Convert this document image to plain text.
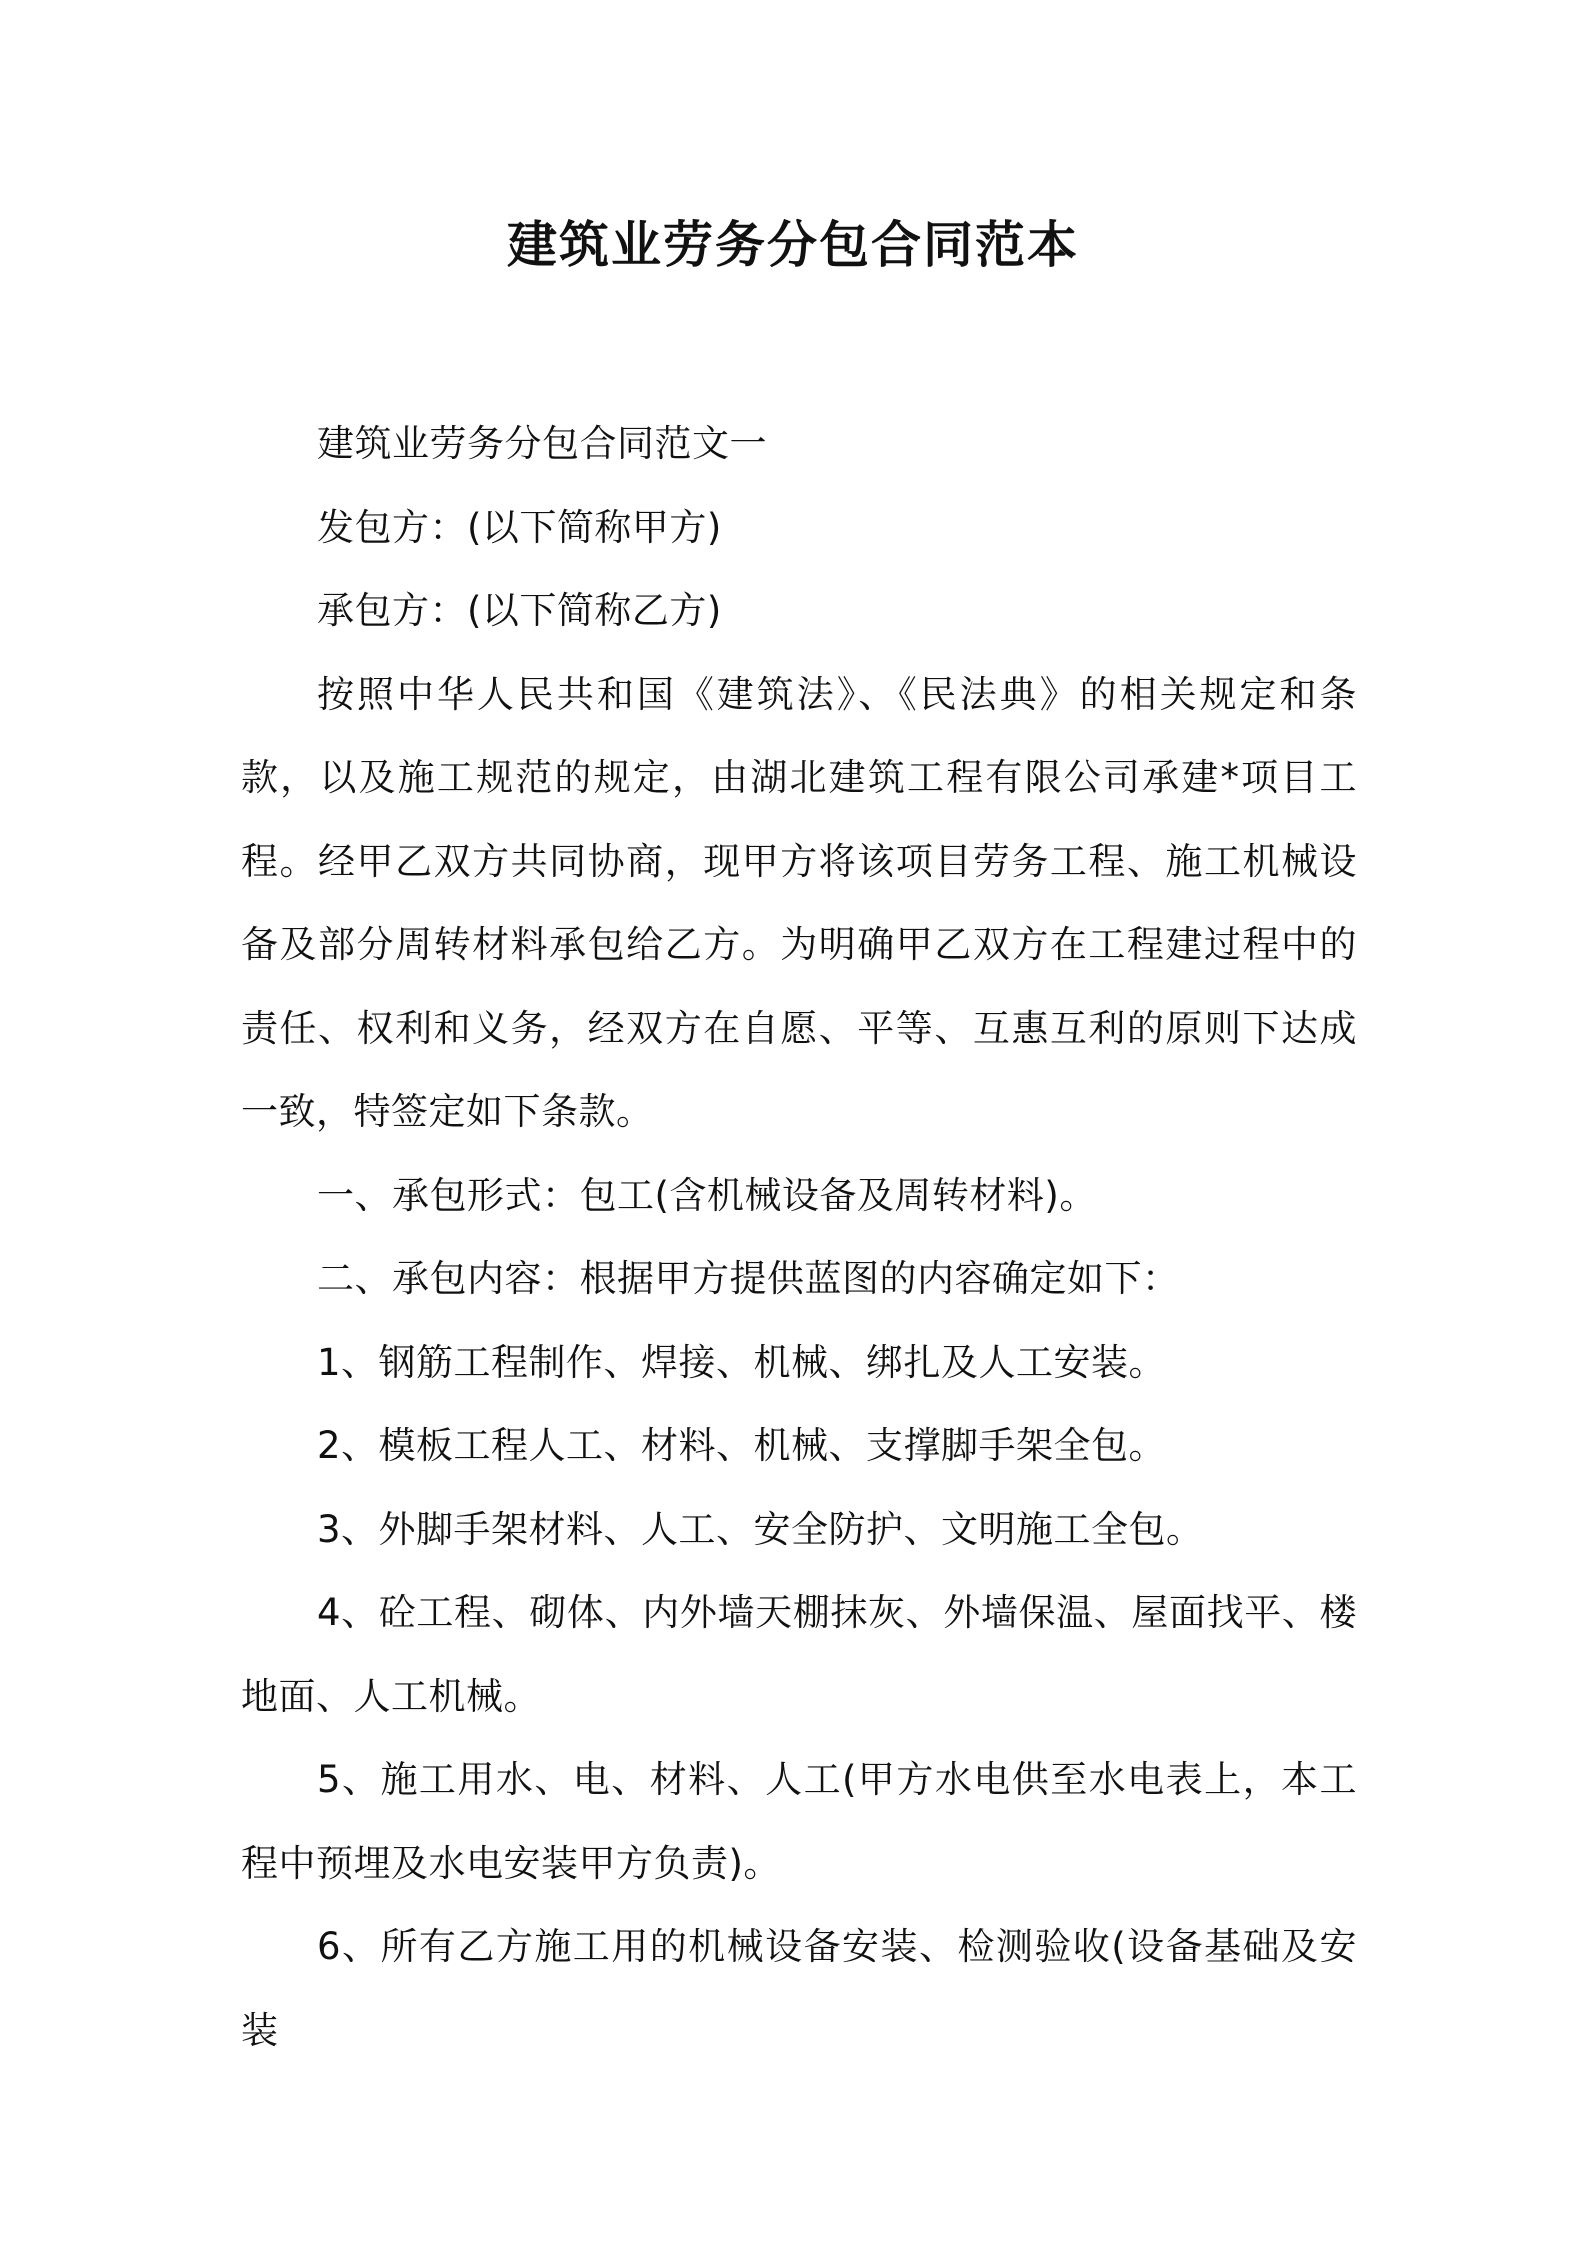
建筑业劳务分包合同范本

建筑业劳务分包合同范文一

发包方：(以下简称甲方)

承包方：(以下简称乙方)

按照中华人民共和国《建筑法》、《民法典》的相关规定和条款，以及施工规范的规定，由湖北建筑工程有限公司承建*项目工程。经甲乙双方共同协商，现甲方将该项目劳务工程、施工机械设备及部分周转材料承包给乙方。为明确甲乙双方在工程建过程中的责任、权利和义务，经双方在自愿、平等、互惠互利的原则下达成一致，特签定如下条款。

一、承包形式：包工(含机械设备及周转材料)。

二、承包内容：根据甲方提供蓝图的内容确定如下：

1、钢筋工程制作、焊接、机械、绑扎及人工安装。

2、模板工程人工、材料、机械、支撑脚手架全包。

3、外脚手架材料、人工、安全防护、文明施工全包。

4、砼工程、砌体、内外墙天棚抹灰、外墙保温、屋面找平、楼地面、人工机械。

5、施工用水、电、材料、人工(甲方水电供至水电表上，本工程中预埋及水电安装甲方负责)。

6、所有乙方施工用的机械设备安装、检测验收(设备基础及安装
